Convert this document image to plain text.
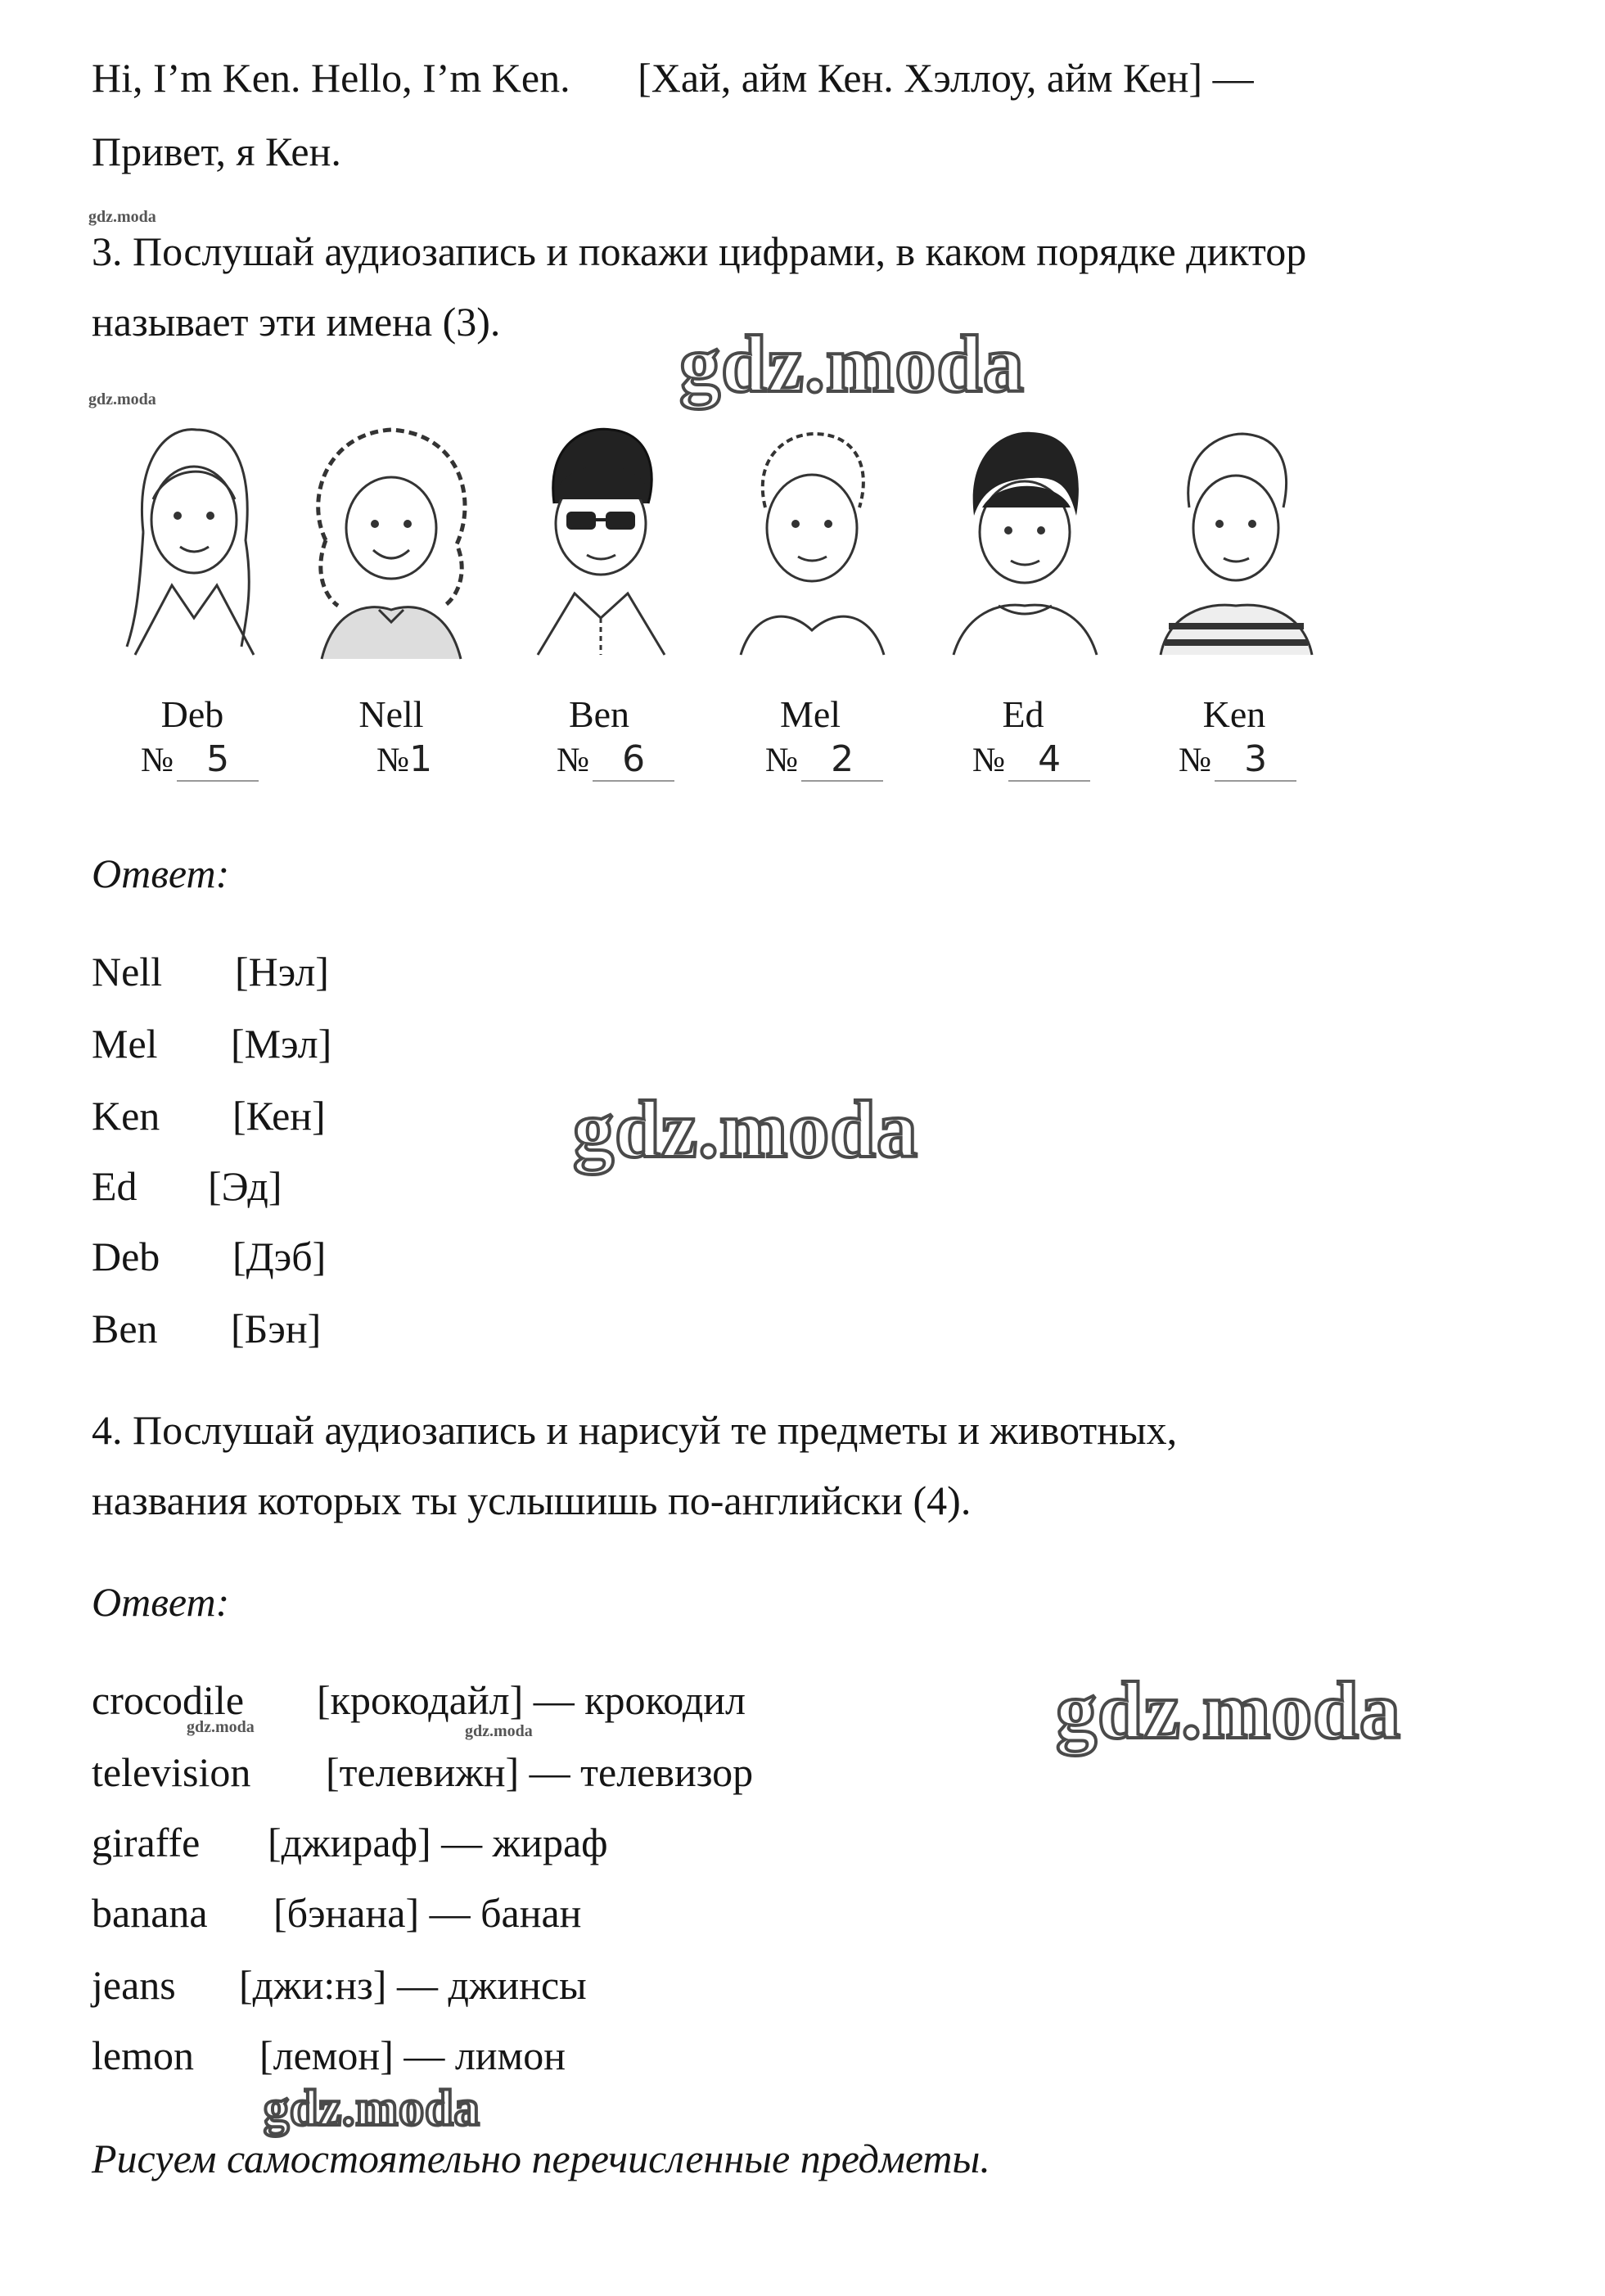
Hi, I’m Ken. Hello, I’m Ken. [Хай, айм Кен. Хэллоу, айм Кен] —
Привет, я Кен.
gdz.moda
3. Послушай аудиозапись и покажи цифрами, в каком порядке диктор
называет эти имена (3). gdz.moda
gdz.moda
Deb	Nell	Ben	Mel	Ed	Ken
№ 5	№1	№ 6	№ 2	№ 4	№ 3
Ответ:
Nell [Нэл]
Mel [Мэл]
Ken [Кен]
Ed [Эд]
Deb [Дэб]
Ben [Бэн]
gdz.moda
4. Послушай аудиозапись и нарисуй те предметы и животных,
названия которых ты услышишь по-английски (4).
Ответ:
crocodile [крокодайл] — крокодил
gdz.moda	gdz.moda
television [телевижн] — телевизор
giraffe [джираф] — жираф
banana [бэнана] — банан
jeans [джи:нз] — джинсы
lemon [лемон] — лимон
gdz.moda
gdz.moda
Рисуем самостоятельно перечисленные предметы.
